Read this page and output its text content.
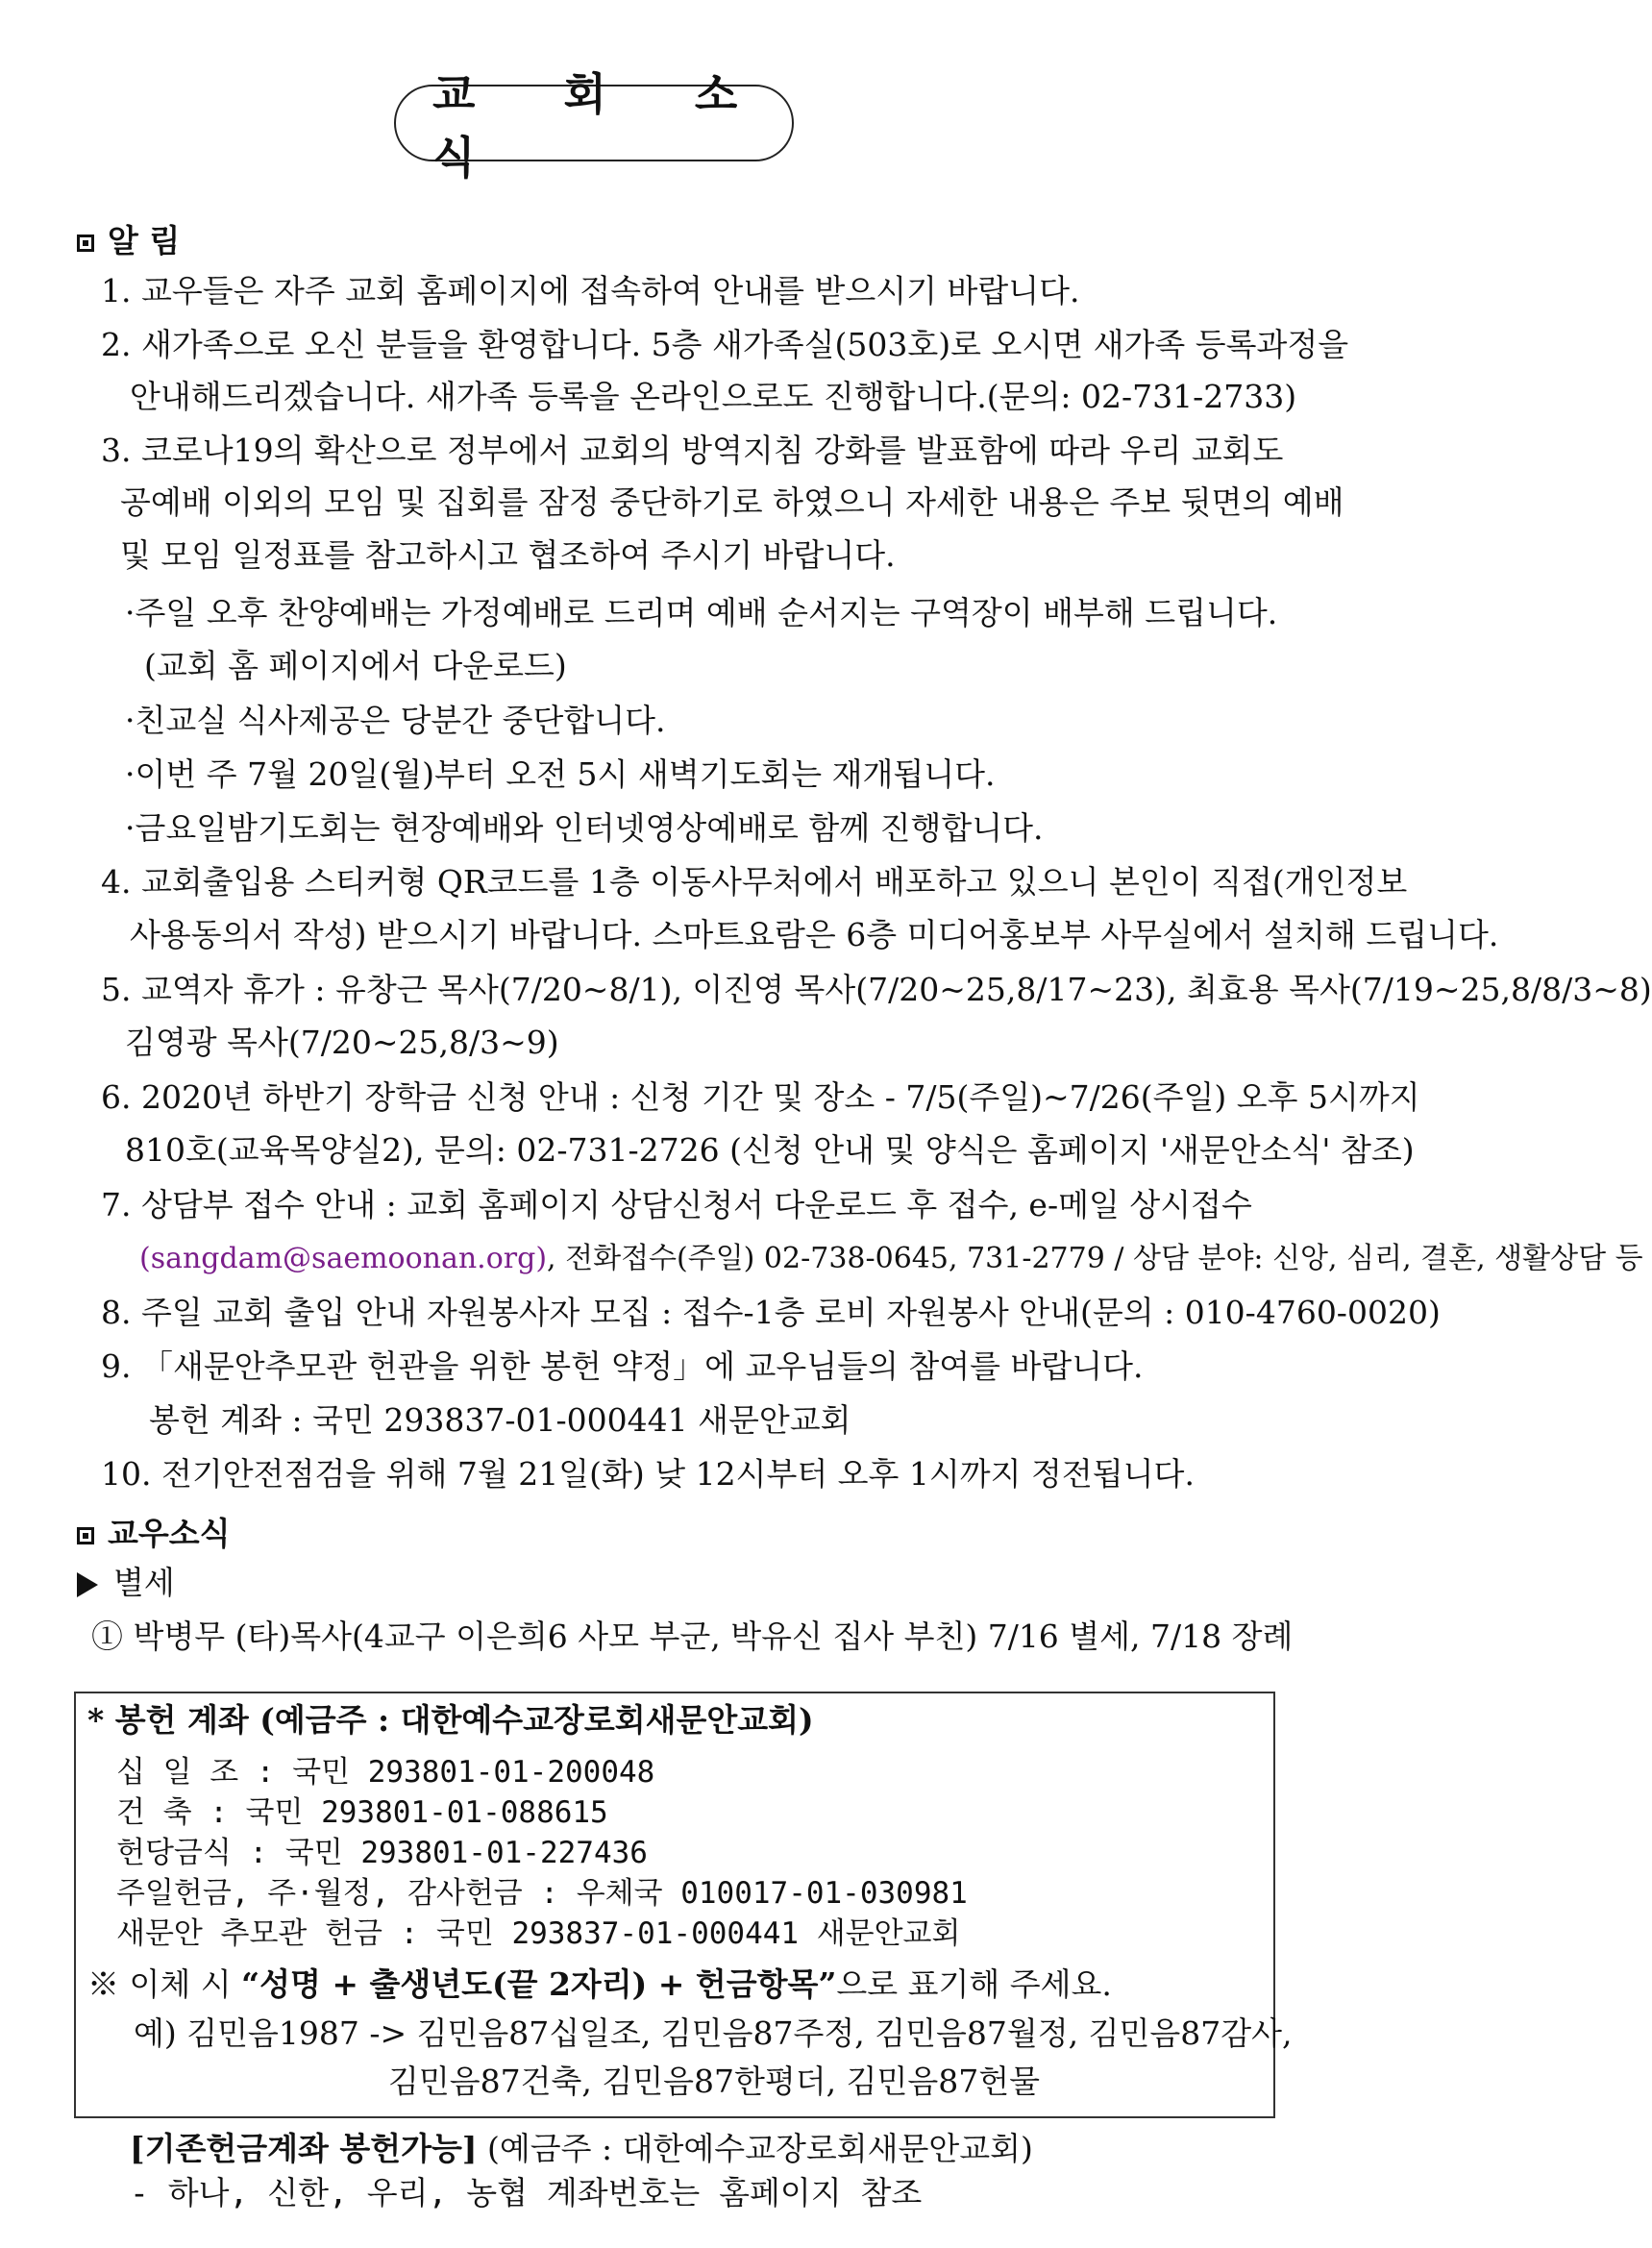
교 회 소 식
알 림
1. 교우들은 자주 교회 홈페이지에 접속하여 안내를 받으시기 바랍니다.
2. 새가족으로 오신 분들을 환영합니다. 5층 새가족실(503호)로 오시면 새가족 등록과정을
안내해드리겠습니다. 새가족 등록을 온라인으로도 진행합니다.(문의: 02-731-2733)
3. 코로나19의 확산으로 정부에서 교회의 방역지침 강화를 발표함에 따라 우리 교회도
공예배 이외의 모임 및 집회를 잠정 중단하기로 하였으니 자세한 내용은 주보 뒷면의 예배
및 모임 일정표를 참고하시고 협조하여 주시기 바랍니다.
·주일 오후 찬양예배는 가정예배로 드리며 예배 순서지는 구역장이 배부해 드립니다.
(교회 홈 페이지에서 다운로드)
·친교실 식사제공은 당분간 중단합니다.
·이번 주 7월 20일(월)부터 오전 5시 새벽기도회는 재개됩니다.
·금요일밤기도회는 현장예배와 인터넷영상예배로 함께 진행합니다.
4. 교회출입용 스티커형 QR코드를 1층 이동사무처에서 배포하고 있으니 본인이 직접(개인정보
사용동의서 작성) 받으시기 바랍니다. 스마트요람은 6층 미디어홍보부 사무실에서 설치해 드립니다.
5. 교역자 휴가 : 유창근 목사(7/20~8/1), 이진영 목사(7/20~25,8/17~23), 최효용 목사(7/19~25,8/8/3~8)
김영광 목사(7/20~25,8/3~9)
6. 2020년 하반기 장학금 신청 안내 : 신청 기간 및 장소 - 7/5(주일)~7/26(주일) 오후 5시까지
810호(교육목양실2), 문의: 02-731-2726 (신청 안내 및 양식은 홈페이지 '새문안소식' 참조)
7. 상담부 접수 안내 : 교회 홈페이지 상담신청서 다운로드 후 접수, e-메일 상시접수
(sangdam@saemoonan.org), 전화접수(주일) 02-738-0645, 731-2779 / 상담 분야: 신앙, 심리, 결혼, 생활상담 등
8. 주일 교회 출입 안내 자원봉사자 모집 : 접수-1층 로비 자원봉사 안내(문의 : 010-4760-0020)
9. 「새문안추모관 헌관을 위한 봉헌 약정」에 교우님들의 참여를 바랍니다.
봉헌 계좌 : 국민 293837-01-000441 새문안교회
10. 전기안전점검을 위해 7월 21일(화) 낮 12시부터 오후 1시까지 정전됩니다.
교우소식
별세
① 박병무 (타)목사(4교구 이은희6 사모 부군, 박유신 집사 부친) 7/16 별세, 7/18 장례
* 봉헌 계좌 (예금주 : 대한예수교장로회새문안교회)
십 일 조 : 국민 293801-01-200048
건 축 : 국민 293801-01-088615
헌당금식 : 국민 293801-01-227436
주일헌금, 주·월정, 감사헌금 : 우체국 010017-01-030981
새문안 추모관 헌금 : 국민 293837-01-000441 새문안교회
※ 이체 시 “성명 + 출생년도(끝 2자리) + 헌금항목”으로 표기해 주세요.
예) 김민음1987 -> 김민음87십일조, 김민음87주정, 김민음87월정, 김민음87감사,
김민음87건축, 김민음87한평더, 김민음87헌물
[기존헌금계좌 봉헌가능] (예금주 : 대한예수교장로회새문안교회)
- 하나, 신한, 우리, 농협 계좌번호는 홈페이지 참조
